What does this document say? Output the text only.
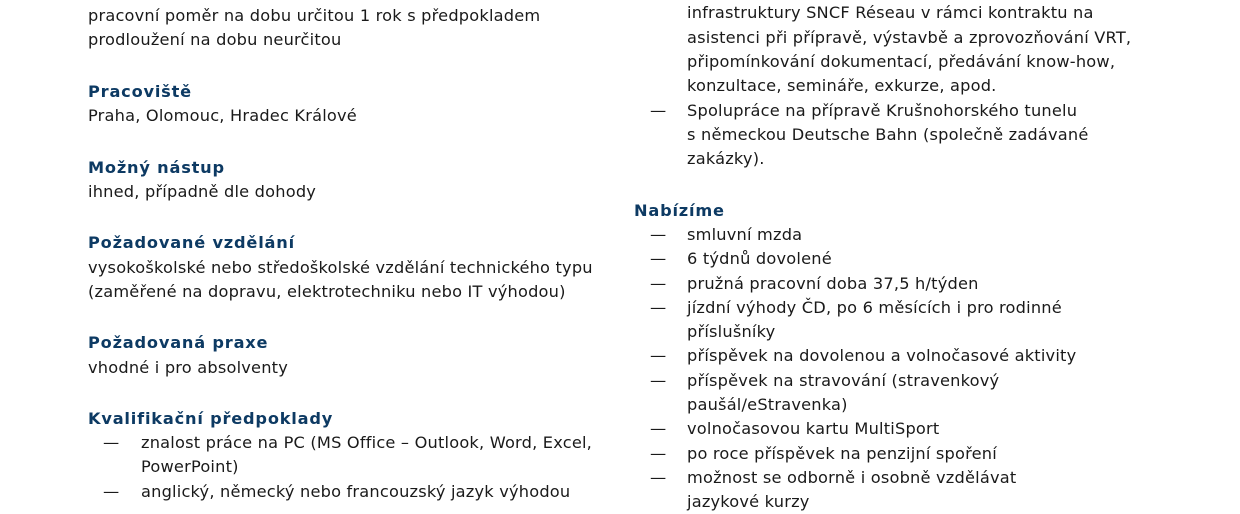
pracovní poměr na dobu určitou 1 rok s předpokladem
prodloužení na dobu neurčitou
Pracoviště
Praha, Olomouc, Hradec Králové
Možný nástup
ihned, případně dle dohody
Požadované vzdělání
vysokoškolské nebo středoškolské vzdělání technického typu
(zaměřené na dopravu, elektrotechniku nebo IT výhodou)
Požadovaná praxe
vhodné i pro absolventy
Kvalifikační předpoklady
— znalost práce na PC (MS Office – Outlook, Word, Excel,
PowerPoint)
— anglický, německý nebo francouzský jazyk výhodou
infrastruktury SNCF Réseau v rámci kontraktu na
asistenci při přípravě, výstavbě a zprovozňování VRT,
připomínkování dokumentací, předávání know-how,
konzultace, semináře, exkurze, apod.
— Spolupráce na přípravě Krušnohorského tunelu
s německou Deutsche Bahn (společně zadávané
zakázky).
Nabízíme
— smluvní mzda
— 6 týdnů dovolené
— pružná pracovní doba 37,5 h/týden
— jízdní výhody ČD, po 6 měsících i pro rodinné
příslušníky
— příspěvek na dovolenou a volnočasové aktivity
— příspěvek na stravování (stravenkový
paušál/eStravenka)
— volnočasovou kartu MultiSport
— po roce příspěvek na penzijní spoření
— možnost se odborně i osobně vzdělávat
jazykové kurzy
